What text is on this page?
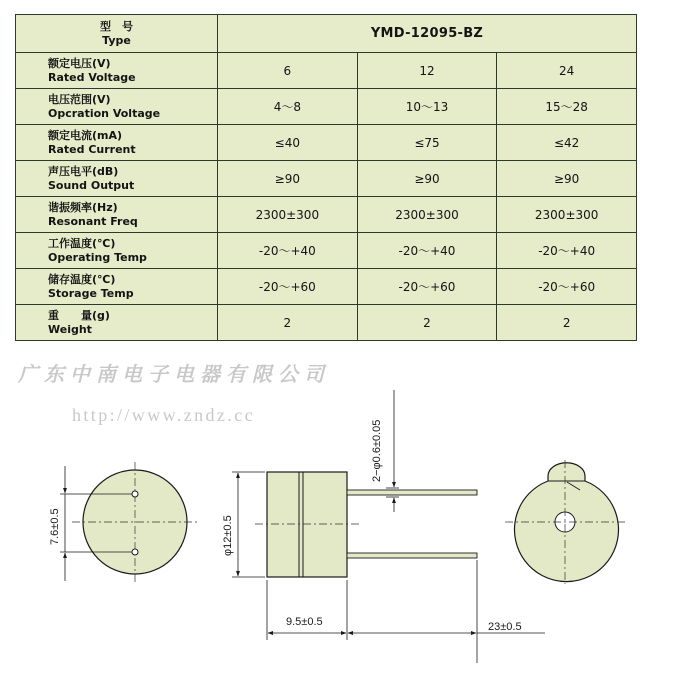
型　号
Type	YMD-12095-BZ		

额定电压(V)
Rated Voltage	6	12	24

电压范围(V)
Opcration Voltage	4～8	10～13	15～28

额定电流(mA)
Rated Current	≤40	≤75	≤42

声压电平(dB)
Sound Output	≥90	≥90	≥90

谐振频率(Hz)
Resonant Freq	2300±300	2300±300	2300±300

工作温度(℃)
Operating Temp	-20～+40	-20～+40	-20～+40

储存温度(℃)
Storage Temp	-20～+60	-20～+60	-20～+60

重　　量(g)
Weight	2	2	2
广东中南电子电器有限公司
http://www.zndz.cc
7.6±0.5	φ12±0.5
2−φ0.6±0.05
9.5±0.5	23±0.5
